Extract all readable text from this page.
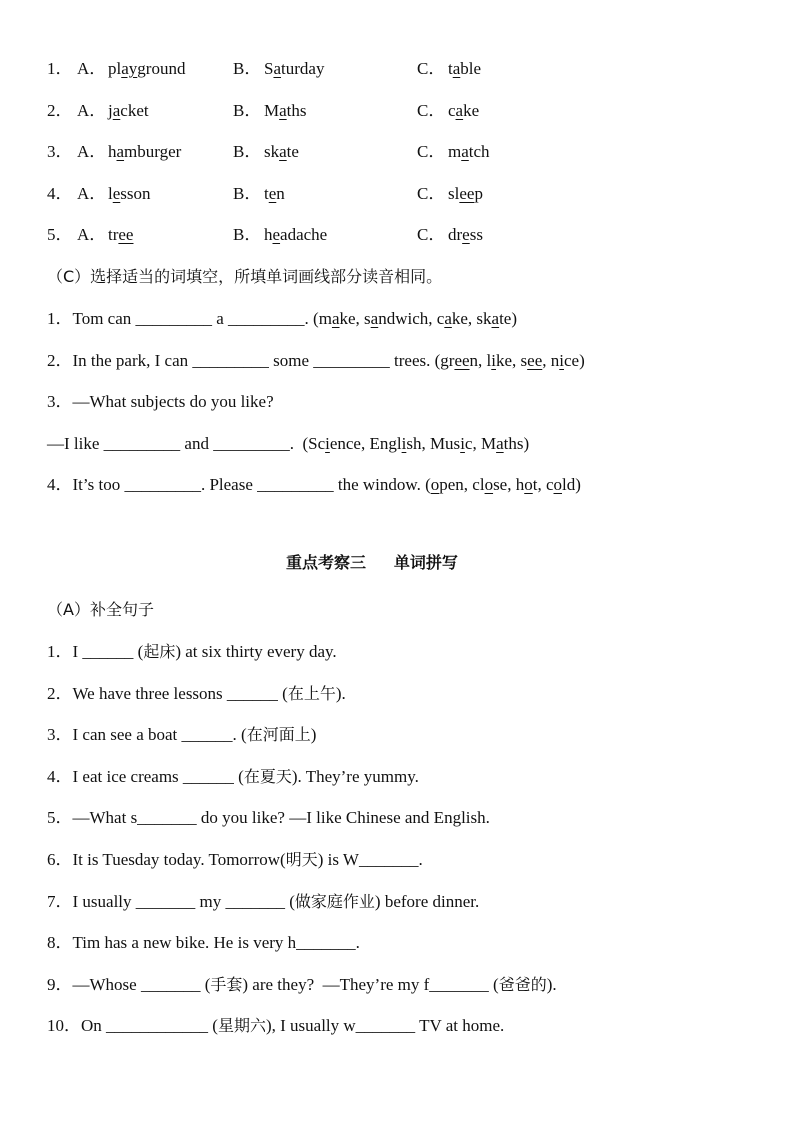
1． A． playground	B． Saturday	C． table
2． A． jacket	B． Maths	C． cake
3． A． hamburger	B． skate	C． match
4． A． lesson	B． ten	C． sleep
5． A． tree	B． headache	C． dress
（C）选择适当的词填空，所填单词画线部分读音相同。
1．Tom can _________ a _________. (make, sandwich, cake, skate)
2．In the park, I can _________ some _________ trees. (green, like, see, nice)
3．—What subjects do you like?
—I like _________ and _________.  (Science, English, Music, Maths)
4．It’s too _________. Please _________ the window. (open, close, hot, cold)
重点考察三     单词拼写
（A）补全句子
1．I ______ (起床) at six thirty every day.
2．We have three lessons ______ (在上午).
3．I can see a boat ______. (在河面上)
4．I eat ice creams ______ (在夏天). They’re yummy.
5．—What s_______ do you like? —I like Chinese and English.
6．It is Tuesday today. Tomorrow(明天) is W_______.
7．I usually _______ my _______ (做家庭作业) before dinner.
8．Tim has a new bike. He is very h_______.
9．—Whose _______ (手套) are they?  —They’re my f_______ (爸爸的).
10．On ____________ (星期六), I usually w_______ TV at home.
